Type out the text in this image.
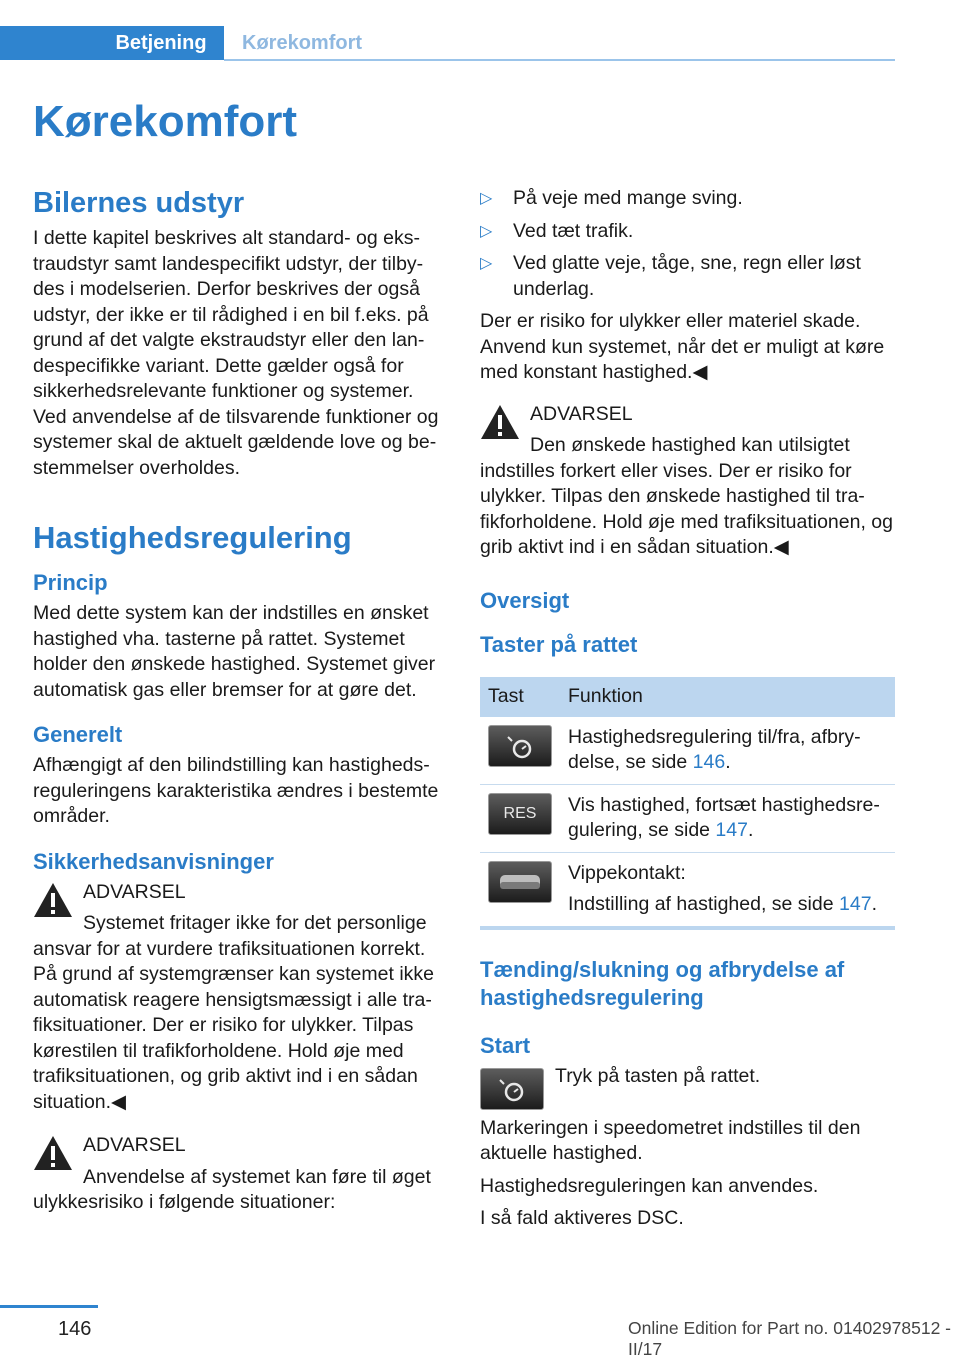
Betjening	Kørekomfort
Kørekomfort
Bilernes udstyr

I dette kapitel beskrives alt standard- og ekstraudstyr samt landespecifikt udstyr, der tilbydes i modelserien. Derfor beskrives der også udstyr, der ikke er til rådighed i en bil f.eks. på grund af det valgte ekstraudstyr eller den landespecifikke variant. Dette gælder også for sikkerhedsrelevante funktioner og systemer. Ved anvendelse af de tilsvarende funktioner og systemer skal de aktuelt gældende love og bestemmelser overholdes.

Hastighedsregulering
Princip

Med dette system kan der indstilles en ønsket hastighed vha. tasterne på rattet. Systemet holder den ønskede hastighed. Systemet giver automatisk gas eller bremser for at gøre det.

Generelt

Afhængigt af den bilindstilling kan hastighedsreguleringens karakteristika ændres i bestemte områder.

Sikkerhedsanvisninger
ADVARSEL

Systemet fritager ikke for det personlige ansvar for at vurdere trafiksituationen korrekt. På grund af systemgrænser kan systemet ikke automatisk reagere hensigtsmæssigt i alle trafiksituationer. Der er risiko for ulykker. Tilpas kørestilen til trafikforholdene. Hold øje med trafiksituationen, og grib aktivt ind i en sådan situation.◀

ADVARSEL

Anvendelse af systemet kan føre til øget ulykkesrisiko i følgende situationer:

▷ På veje med mange sving.
▷ Ved tæt trafik.
▷ Ved glatte veje, tåge, sne, regn eller løst underlag.

Der er risiko for ulykker eller materiel skade. Anvend kun systemet, når det er muligt at køre med konstant hastighed.◀

ADVARSEL

Den ønskede hastighed kan utilsigtet indstilles forkert eller vises. Der er risiko for ulykker. Tilpas den ønskede hastighed til trafikforholdene. Hold øje med trafiksituationen, og grib aktivt ind i en sådan situation.◀

Oversigt
Taster på rattet
Tast	Funktion

	Hastighedsregulering til/fra, afbrydelse, se side 146.

RES	Vis hastighed, fortsæt hastighedsregulering, se side 147.

Vippekontakt:
Indstilling af hastighed, se side 147.
Tænding/slukning og afbrydelse af hastighedsregulering
Start
Tryk på tasten på rattet.

Markeringen i speedometret indstilles til den aktuelle hastighed.

Hastighedsreguleringen kan anvendes.

I så fald aktiveres DSC.

146	Online Edition for Part no. 01402978512 - II/17
